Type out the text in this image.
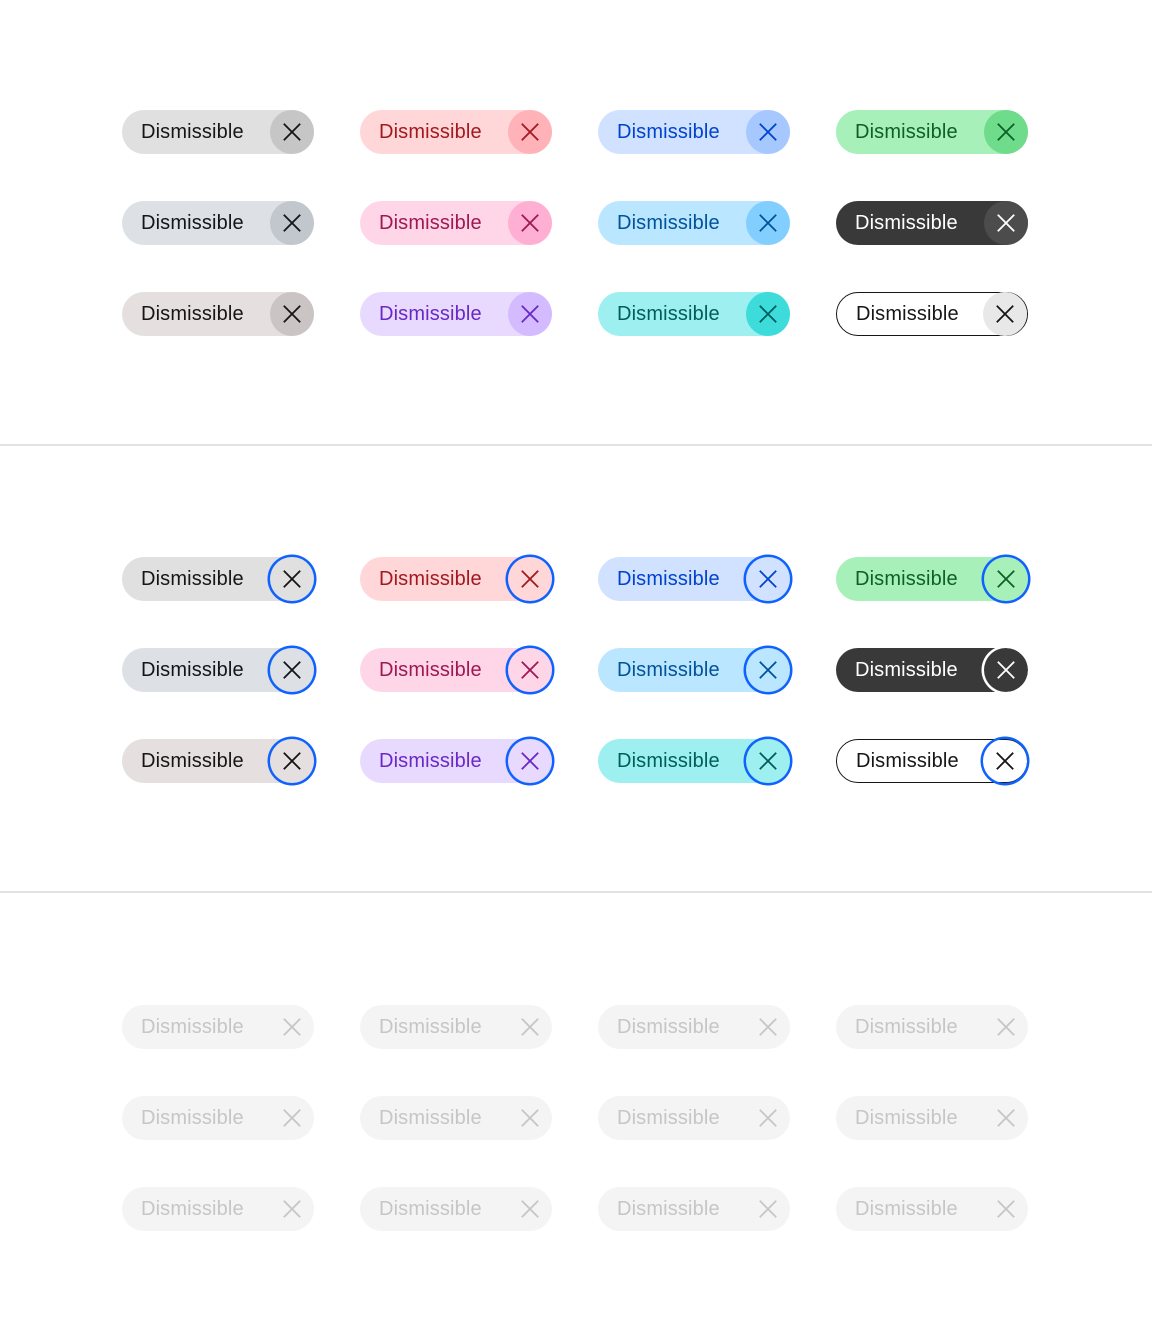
Dismissible	Dismissible	Dismissible	Dismissible
Dismissible	Dismissible	Dismissible	Dismissible
Dismissible	Dismissible	Dismissible	Dismissible
Dismissible	Dismissible	Dismissible	Dismissible
Dismissible	Dismissible	Dismissible	Dismissible
Dismissible	Dismissible	Dismissible	Dismissible
Dismissible	Dismissible	Dismissible	Dismissible
Dismissible	Dismissible	Dismissible	Dismissible
Dismissible	Dismissible	Dismissible	Dismissible
